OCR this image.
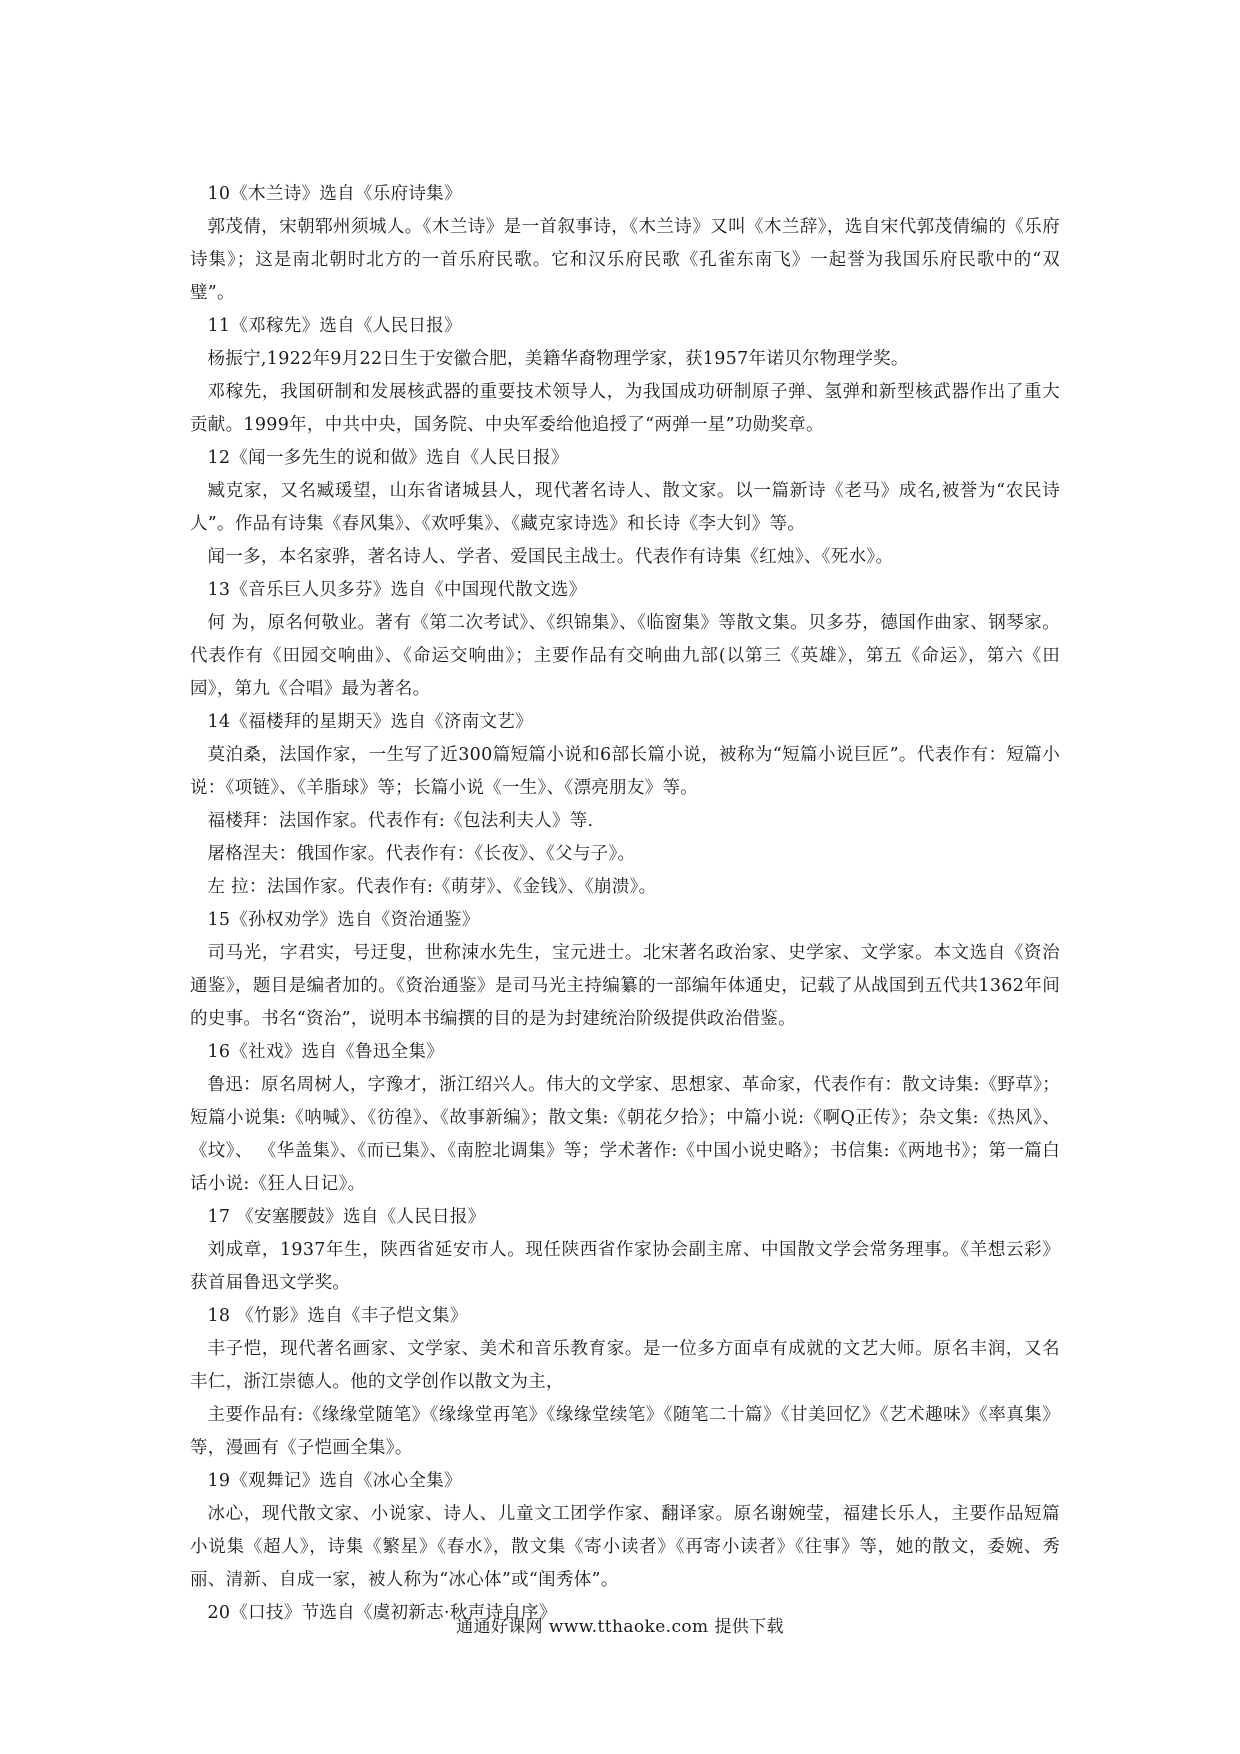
10《木兰诗》选自《乐府诗集》

郭茂倩，宋朝郓州须城人。《木兰诗》是一首叙事诗，《木兰诗》又叫《木兰辞》，选自宋代郭茂倩编的《乐府诗集》；这是南北朝时北方的一首乐府民歌。它和汉乐府民歌《孔雀东南飞》一起誉为我国乐府民歌中的“双璧”。

11《邓稼先》选自《人民日报》

杨振宁,1922年9月22日生于安徽合肥，美籍华裔物理学家，获1957年诺贝尔物理学奖。

邓稼先，我国研制和发展核武器的重要技术领导人，为我国成功研制原子弹、氢弹和新型核武器作出了重大贡献。1999年，中共中央，国务院、中央军委给他追授了“两弹一星”功勋奖章。

12《闻一多先生的说和做》选自《人民日报》

臧克家，又名臧瑗望，山东省诸城县人，现代著名诗人、散文家。以一篇新诗《老马》成名,被誉为“农民诗人”。作品有诗集《春风集》、《欢呼集》、《藏克家诗选》和长诗《李大钊》等。

闻一多，本名家骅，著名诗人、学者、爱国民主战士。代表作有诗集《红烛》、《死水》。

13《音乐巨人贝多芬》选自《中国现代散文选》

何 为，原名何敬业。著有《第二次考试》、《织锦集》、《临窗集》等散文集。贝多芬，德国作曲家、钢琴家。代表作有《田园交响曲》、《命运交响曲》；主要作品有交响曲九部(以第三《英雄》，第五《命运》，第六《田园》，第九《合唱》最为著名。

14《福楼拜的星期天》选自《济南文艺》

莫泊桑，法国作家，一生写了近300篇短篇小说和6部长篇小说，被称为“短篇小说巨匠”。代表作有：短篇小说：《项链》、《羊脂球》等；长篇小说《一生》、《漂亮朋友》等。

福楼拜：法国作家。代表作有:《包法利夫人》等.

屠格涅夫：俄国作家。代表作有：《长夜》、《父与子》。

左 拉：法国作家。代表作有:《萌芽》、《金钱》、《崩溃》。

15《孙权劝学》选自《资治通鉴》

司马光，字君实，号迂叟，世称涑水先生，宝元进士。北宋著名政治家、史学家、文学家。本文选自《资治通鉴》，题目是编者加的。《资治通鉴》是司马光主持编纂的一部编年体通史，记载了从战国到五代共1362年间的史事。书名“资治”，说明本书编撰的目的是为封建统治阶级提供政治借鉴。

16《社戏》选自《鲁迅全集》

鲁迅：原名周树人，字豫才，浙江绍兴人。伟大的文学家、思想家、革命家，代表作有：散文诗集:《野草》；短篇小说集:《呐喊》、《彷徨》、《故事新编》；散文集:《朝花夕拾》；中篇小说:《啊Q正传》；杂文集:《热风》、《坟》、 《华盖集》、《而已集》、《南腔北调集》等；学术著作:《中国小说史略》；书信集:《两地书》；第一篇白话小说:《狂人日记》。

17 《安塞腰鼓》选自《人民日报》

刘成章，1937年生，陕西省延安市人。现任陕西省作家协会副主席、中国散文学会常务理事。《羊想云彩》获首届鲁迅文学奖。

18 《竹影》选自《丰子恺文集》

丰子恺，现代著名画家、文学家、美术和音乐教育家。是一位多方面卓有成就的文艺大师。原名丰润，又名丰仁，浙江崇德人。他的文学创作以散文为主，

主要作品有:《缘缘堂随笔》《缘缘堂再笔》《缘缘堂续笔》《随笔二十篇》《甘美回忆》《艺术趣味》《率真集》等，漫画有《子恺画全集》。

19《观舞记》选自《冰心全集》

冰心，现代散文家、小说家、诗人、儿童文工团学作家、翻译家。原名谢婉莹，福建长乐人，主要作品短篇小说集《超人》，诗集《繁星》《春水》，散文集《寄小读者》《再寄小读者》《往事》等，她的散文，委婉、秀丽、清新、自成一家，被人称为“冰心体”或“闺秀体”。

20《口技》节选自《虞初新志·秋声诗自序》

通通好课网 www.tthaoke.com 提供下载
